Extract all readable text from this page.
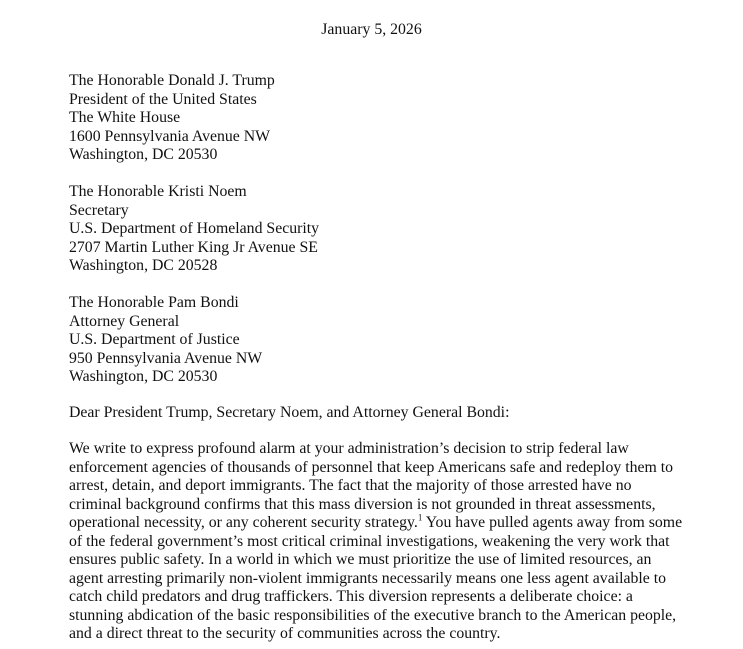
January 5, 2026
The Honorable Donald J. Trump
President of the United States
The White House
1600 Pennsylvania Avenue NW
Washington, DC 20530
The Honorable Kristi Noem
Secretary
U.S. Department of Homeland Security
2707 Martin Luther King Jr Avenue SE
Washington, DC 20528
The Honorable Pam Bondi
Attorney General
U.S. Department of Justice
950 Pennsylvania Avenue NW
Washington, DC 20530
Dear President Trump, Secretary Noem, and Attorney General Bondi:
We write to express profound alarm at your administration’s decision to strip federal law
enforcement agencies of thousands of personnel that keep Americans safe and redeploy them to
arrest, detain, and deport immigrants. The fact that the majority of those arrested have no
criminal background confirms that this mass diversion is not grounded in threat assessments,
operational necessity, or any coherent security strategy.$^1$ You have pulled agents away from some
of the federal government’s most critical criminal investigations, weakening the very work that
ensures public safety. In a world in which we must prioritize the use of limited resources, an
agent arresting primarily non-violent immigrants necessarily means one less agent available to
catch child predators and drug traffickers. This diversion represents a deliberate choice: a
stunning abdication of the basic responsibilities of the executive branch to the American people,
and a direct threat to the security of communities across the country.
